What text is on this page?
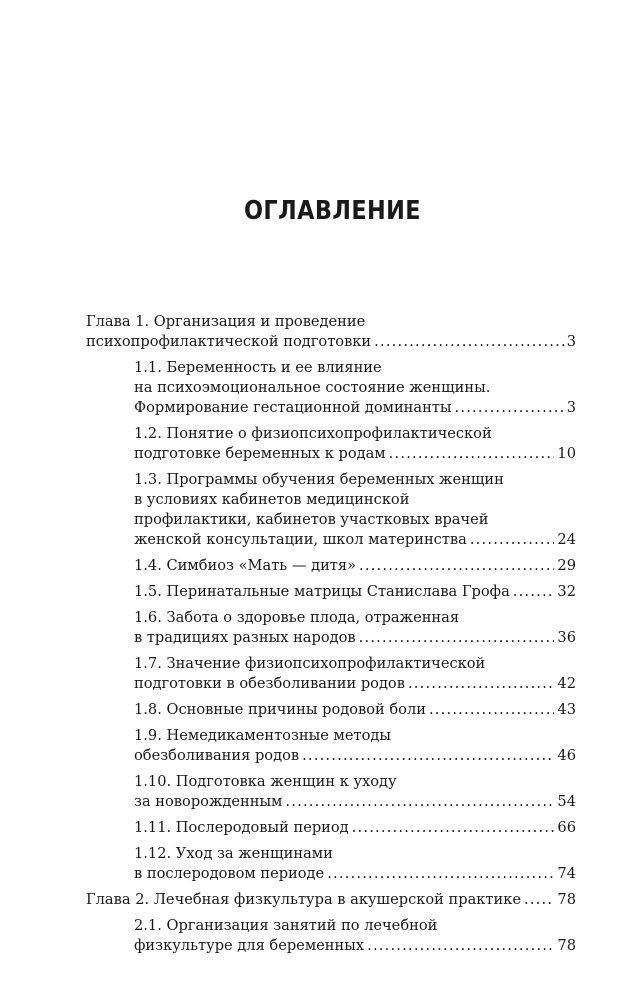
ОГЛАВЛЕНИЕ
Глава 1. Организация и проведение
психопрофилактической подготовки .....	3
1.1. Беременность и ее влияние
на психоэмоциональное состояние женщины.
Формирование гестационной доминанты .....	3
1.2. Понятие о физиопсихопрофилактической
подготовке беременных к родам .....	10
1.3. Программы обучения беременных женщин
в условиях кабинетов медицинской
профилактики, кабинетов участковых врачей
женской консультации, школ материнства .....	24
1.4. Симбиоз «Мать — дитя» .....	29
1.5. Перинатальные матрицы Станислава Грофа .....	32
1.6. Забота о здоровье плода, отраженная
в традициях разных народов .....	36
1.7. Значение физиопсихопрофилактической
подготовки в обезболивании родов .....	42
1.8. Основные причины родовой боли .....	43
1.9. Немедикаментозные методы
обезболивания родов .....	46
1.10. Подготовка женщин к уходу
за новорожденным .....	54
1.11. Послеродовый период .....	66
1.12. Уход за женщинами
в послеродовом периоде .....	74
Глава 2. Лечебная физкультура в акушерской практике ..... 78
2.1. Организация занятий по лечебной
физкультуре для беременных .....	78
